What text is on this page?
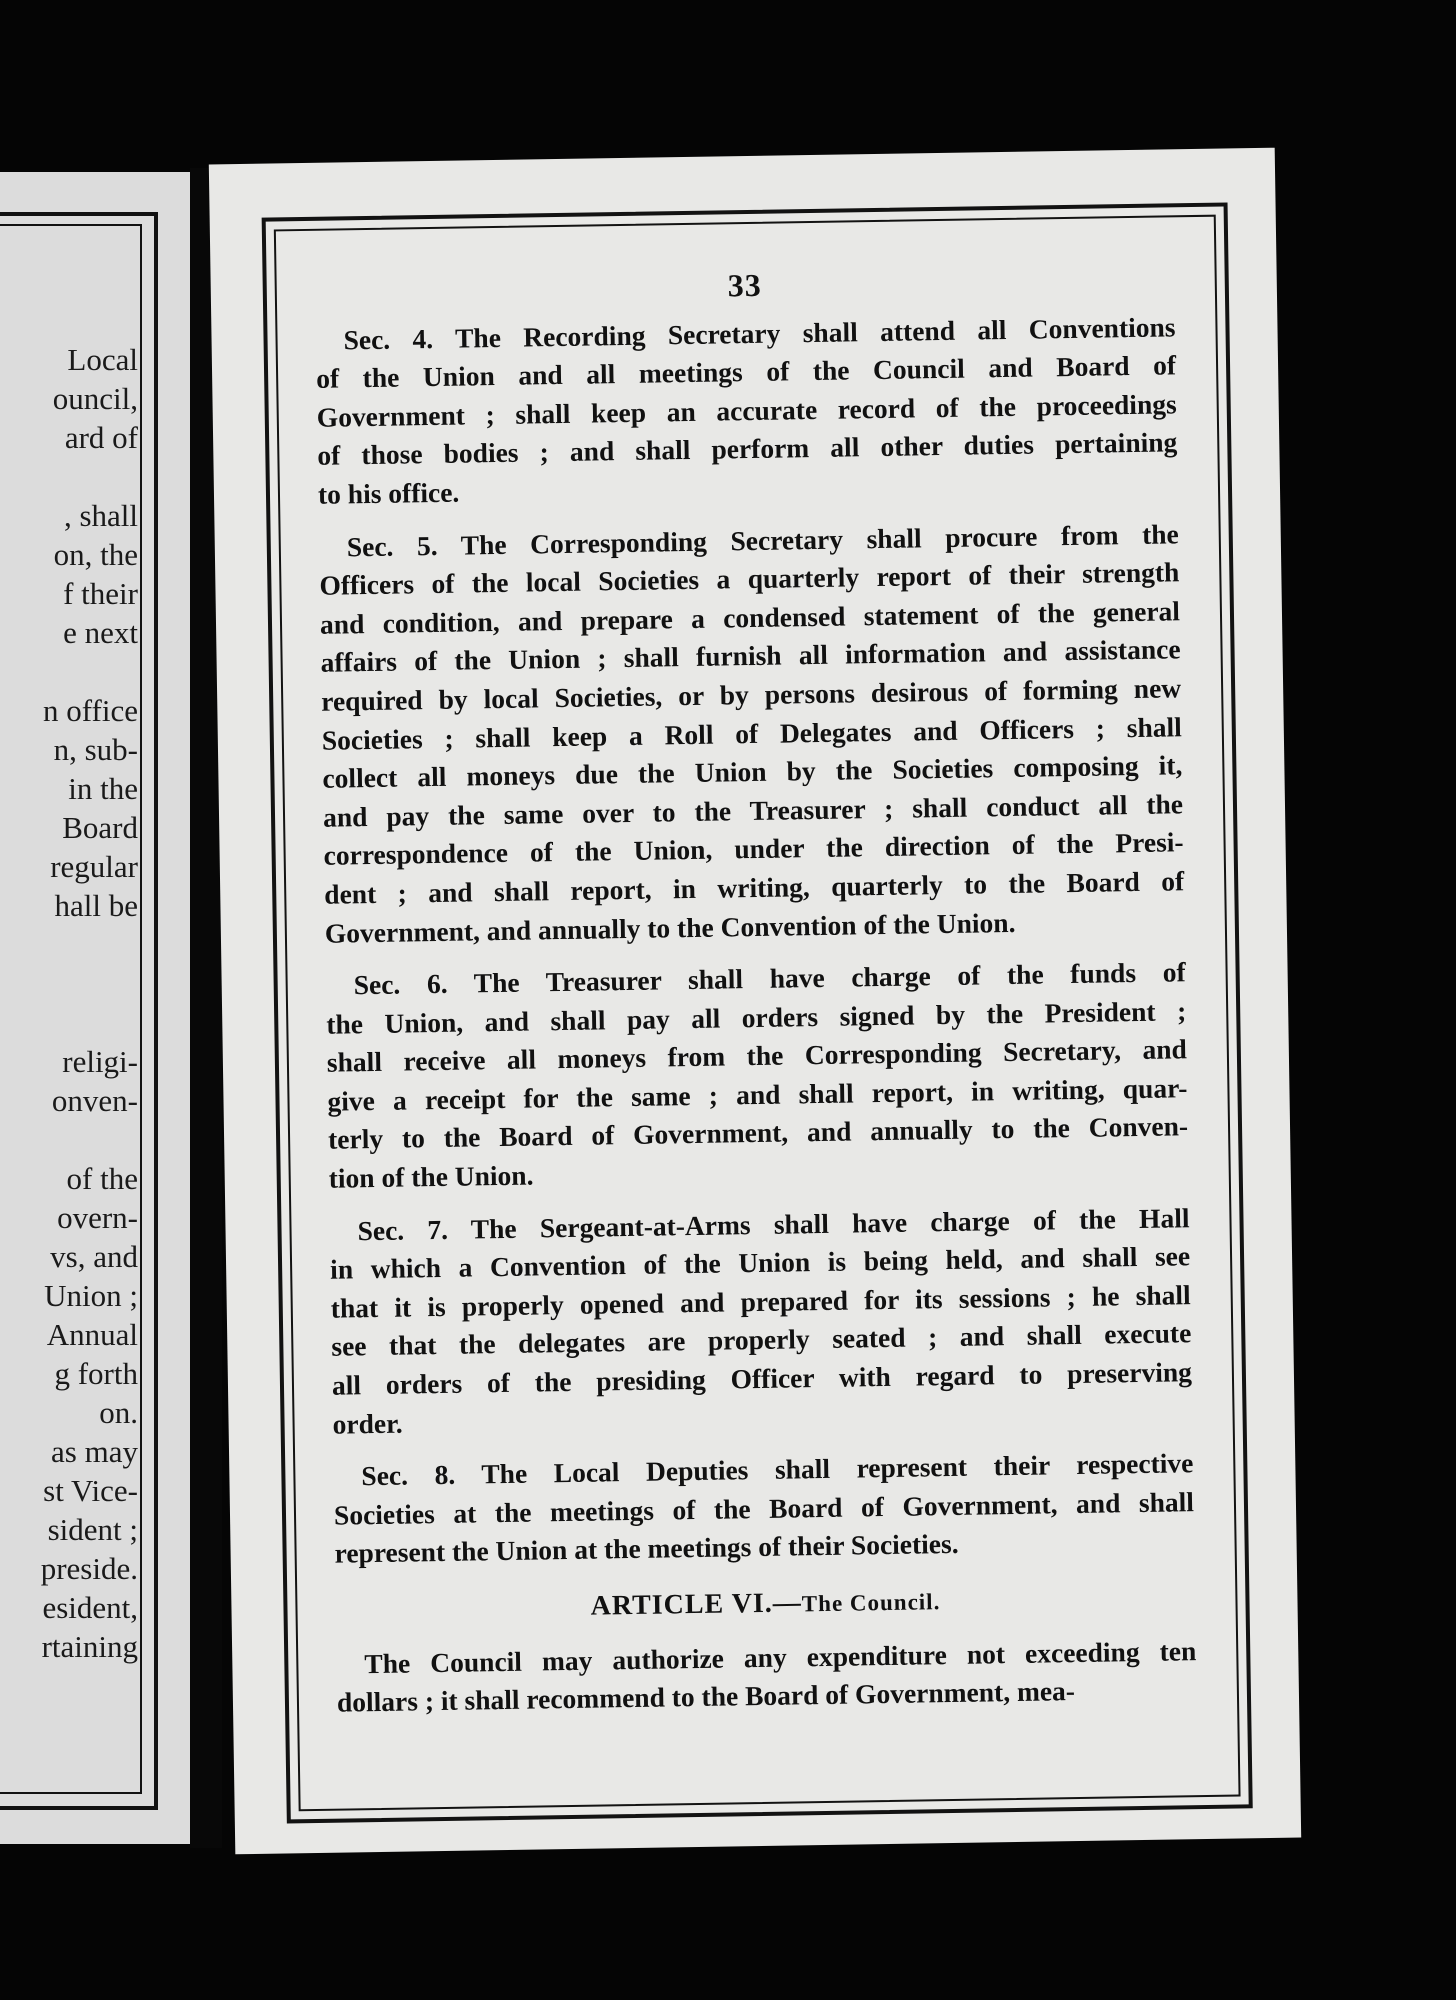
Local
ouncil,
ard of
, shall
on, the
f their
e next
n office
n, sub-
in the
Board
regular
hall be
religi-
onven-
of the
overn-
vs, and
Union ;
Annual
g forth
on.
as may
st Vice-
sident ;
preside.
esident,
rtaining
33
Sec. 4. The Recording Secretary shall attend all Conventions
of the Union and all meetings of the Council and Board of
Government ; shall keep an accurate record of the proceedings
of those bodies ; and shall perform all other duties pertaining
to his office.
Sec. 5. The Corresponding Secretary shall procure from the
Officers of the local Societies a quarterly report of their strength
and condition, and prepare a condensed statement of the general
affairs of the Union ; shall furnish all information and assistance
required by local Societies, or by persons desirous of forming new
Societies ; shall keep a Roll of Delegates and Officers ; shall
collect all moneys due the Union by the Societies composing it,
and pay the same over to the Treasurer ; shall conduct all the
correspondence of the Union, under the direction of the Presi-
dent ; and shall report, in writing, quarterly to the Board of
Government, and annually to the Convention of the Union.
Sec. 6. The Treasurer shall have charge of the funds of
the Union, and shall pay all orders signed by the President ;
shall receive all moneys from the Corresponding Secretary, and
give a receipt for the same ; and shall report, in writing, quar-
terly to the Board of Government, and annually to the Conven-
tion of the Union.
Sec. 7. The Sergeant-at-Arms shall have charge of the Hall
in which a Convention of the Union is being held, and shall see
that it is properly opened and prepared for its sessions ; he shall
see that the delegates are properly seated ; and shall execute
all orders of the presiding Officer with regard to preserving
order.
Sec. 8. The Local Deputies shall represent their respective
Societies at the meetings of the Board of Government, and shall
represent the Union at the meetings of their Societies.
ARTICLE VI.—The Council.
The Council may authorize any expenditure not exceeding ten
dollars ; it shall recommend to the Board of Government, mea-
